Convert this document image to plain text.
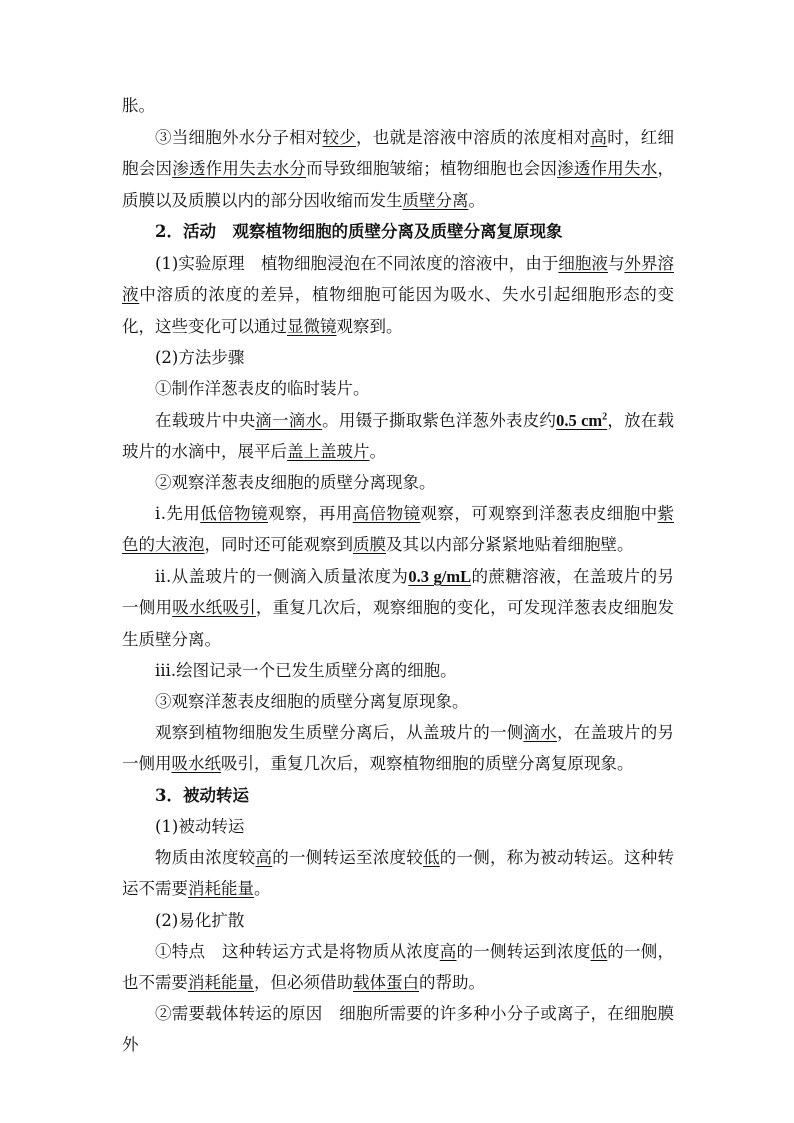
胀。

③当细胞外水分子相对较少，也就是溶液中溶质的浓度相对高时，红细胞会因渗透作用失去水分而导致细胞皱缩；植物细胞也会因渗透作用失水，质膜以及质膜以内的部分因收缩而发生质壁分离。

2．活动　观察植物细胞的质壁分离及质壁分离复原现象

(1)实验原理　植物细胞浸泡在不同浓度的溶液中，由于细胞液与外界溶液中溶质的浓度的差异，植物细胞可能因为吸水、失水引起细胞形态的变化，这些变化可以通过显微镜观察到。

(2)方法步骤

①制作洋葱表皮的临时装片。

在载玻片中央滴一滴水。用镊子撕取紫色洋葱外表皮约0.5 $cm^2$，放在载玻片的水滴中，展平后盖上盖玻片。

②观察洋葱表皮细胞的质壁分离现象。

ⅰ.先用低倍物镜观察，再用高倍物镜观察，可观察到洋葱表皮细胞中紫色的大液泡，同时还可能观察到质膜及其以内部分紧紧地贴着细胞壁。

ⅱ.从盖玻片的一侧滴入质量浓度为0.3 g/mL的蔗糖溶液，在盖玻片的另一侧用吸水纸吸引，重复几次后，观察细胞的变化，可发现洋葱表皮细胞发生质壁分离。

ⅲ.绘图记录一个已发生质壁分离的细胞。

③观察洋葱表皮细胞的质壁分离复原现象。

观察到植物细胞发生质壁分离后，从盖玻片的一侧滴水，在盖玻片的另一侧用吸水纸吸引，重复几次后，观察植物细胞的质壁分离复原现象。

3．被动转运

(1)被动转运

物质由浓度较高的一侧转运至浓度较低的一侧，称为被动转运。这种转运不需要消耗能量。

(2)易化扩散

①特点　这种转运方式是将物质从浓度高的一侧转运到浓度低的一侧，也不需要消耗能量，但必须借助载体蛋白的帮助。

②需要载体转运的原因　细胞所需要的许多种小分子或离子，在细胞膜外
